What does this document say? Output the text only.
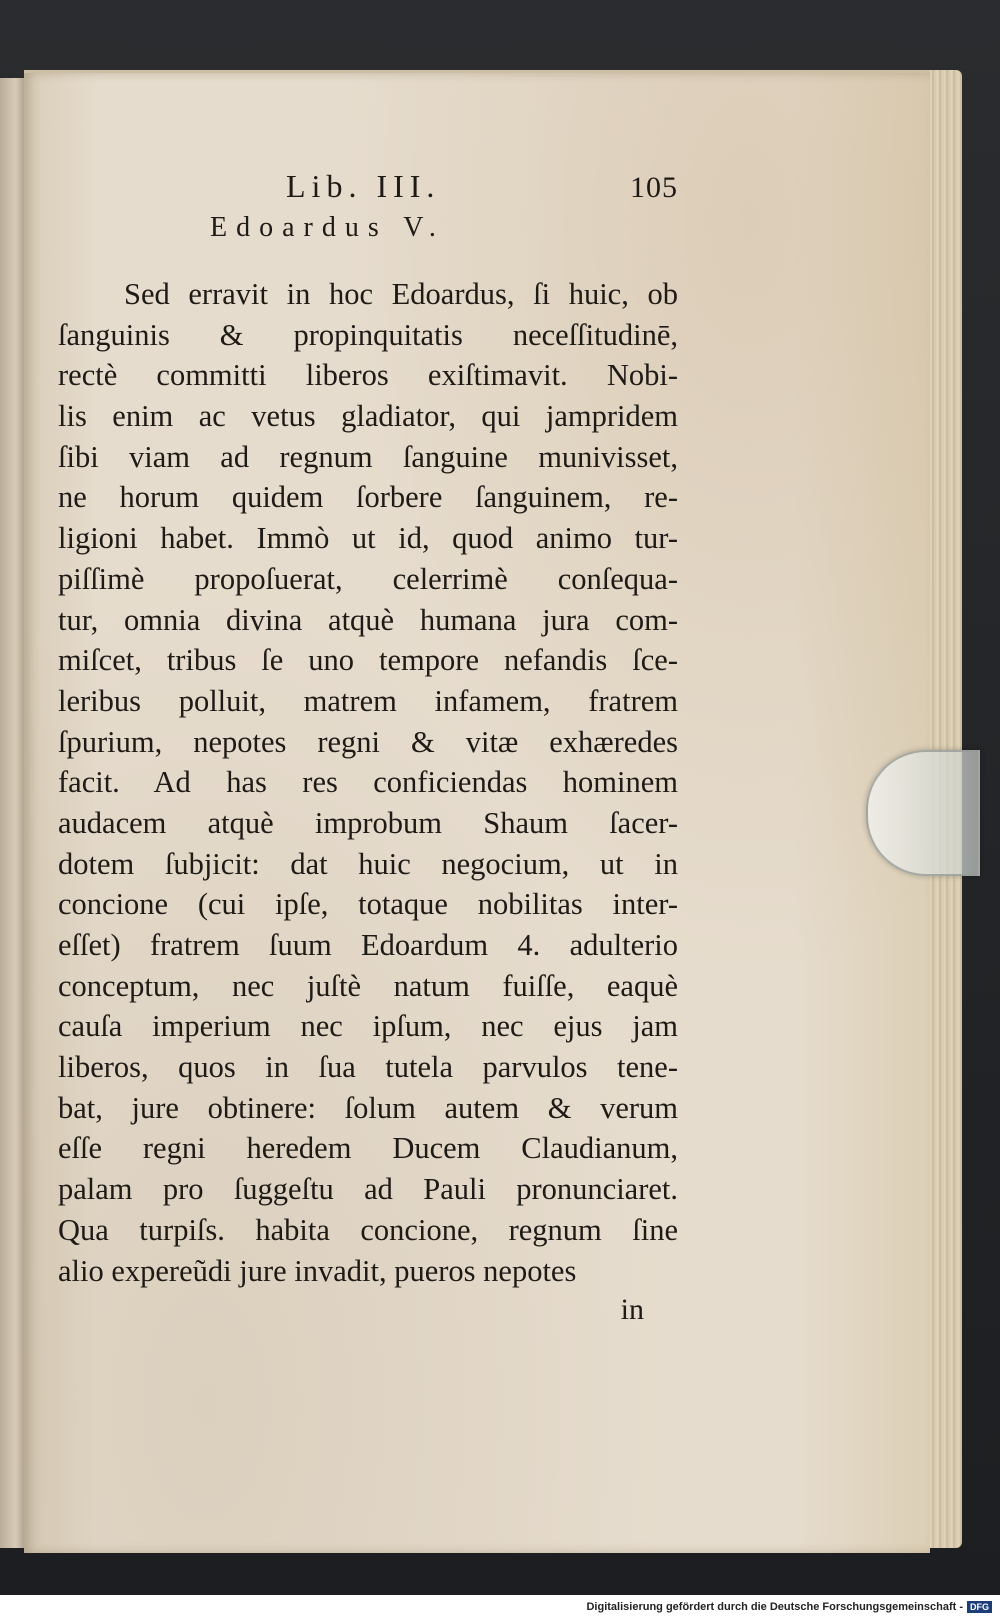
Lib. III.	105
Edoardus V.
Sed erravit in hoc Edoardus, ſi huic, ob
ſanguinis & propinquitatis neceſſitudinē,
rectè committi liberos exiſtimavit. Nobi-
lis enim ac vetus gladiator, qui jampridem
ſibi viam ad regnum ſanguine munivisset,
ne horum quidem ſorbere ſanguinem, re-
ligioni habet. Immò ut id, quod animo tur-
piſſimè propoſuerat, celerrimè conſequa-
tur, omnia divina atquè humana jura com-
miſcet, tribus ſe uno tempore nefandis ſce-
leribus polluit, matrem infamem, fratrem
ſpurium, nepotes regni & vitæ exhæredes
facit. Ad has res conficiendas hominem
audacem atquè improbum Shaum ſacer-
dotem ſubjicit: dat huic negocium, ut in
concione (cui ipſe, totaque nobilitas inter-
eſſet) fratrem ſuum Edoardum 4. adulterio
conceptum, nec juſtè natum fuiſſe, eaquè
cauſa imperium nec ipſum, nec ejus jam
liberos, quos in ſua tutela parvulos tene-
bat, jure obtinere: ſolum autem & verum
eſſe regni heredem Ducem Claudianum,
palam pro ſuggeſtu ad Pauli pronunciaret.
Qua turpiſs. habita concione, regnum ſine
alio expereũdi jure invadit, pueros nepotes
in
Digitalisierung gefördert durch die Deutsche Forschungsgemeinschaft - DFG
